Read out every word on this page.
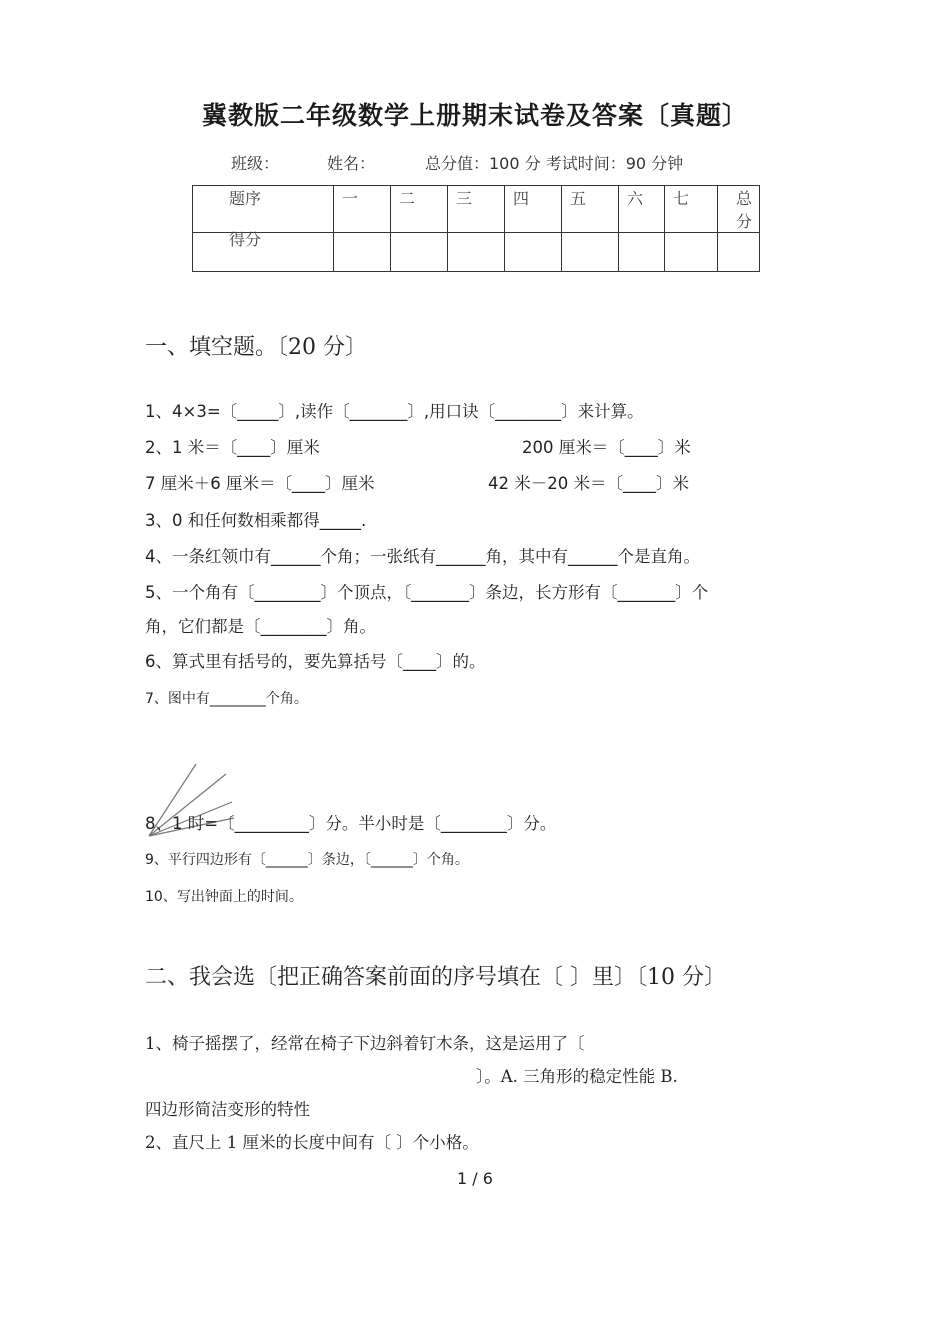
冀教版二年级数学上册期末试卷及答案〔真题〕
班级：	姓名：	总分值：100 分 考试时间：90 分钟
题序	一	二	三	四	五	六	七	总分
得分								
一、填空题。〔20 分〕
1、4×3=〔_____〕,读作〔_______〕,用口诀〔________〕来计算。
2、1 米＝〔____〕厘米	200 厘米＝〔____〕米
7 厘米＋6 厘米＝〔____〕厘米	42 米－20 米＝〔____〕米
3、0 和任何数相乘都得_____.
4、一条红领巾有______个角；一张纸有______角，其中有______个是直角。
5、一个角有〔________〕个顶点，〔_______〕条边，长方形有〔_______〕个
角，它们都是〔________〕角。
6、算式里有括号的，要先算括号〔____〕的。
7、图中有________个角。
8、1 时=〔_________〕分。半小时是〔________〕分。
9、平行四边形有〔______〕条边，〔______〕个角。
10、写出钟面上的时间。
二、我会选〔把正确答案前面的序号填在〔 〕里〕〔10 分〕
1、椅子摇摆了，经常在椅子下边斜着钉木条，这是运用了〔
〕。A. 三角形的稳定性能 B.
四边形简洁变形的特性
2、直尺上 1 厘米的长度中间有〔 〕个小格。
1 / 6
